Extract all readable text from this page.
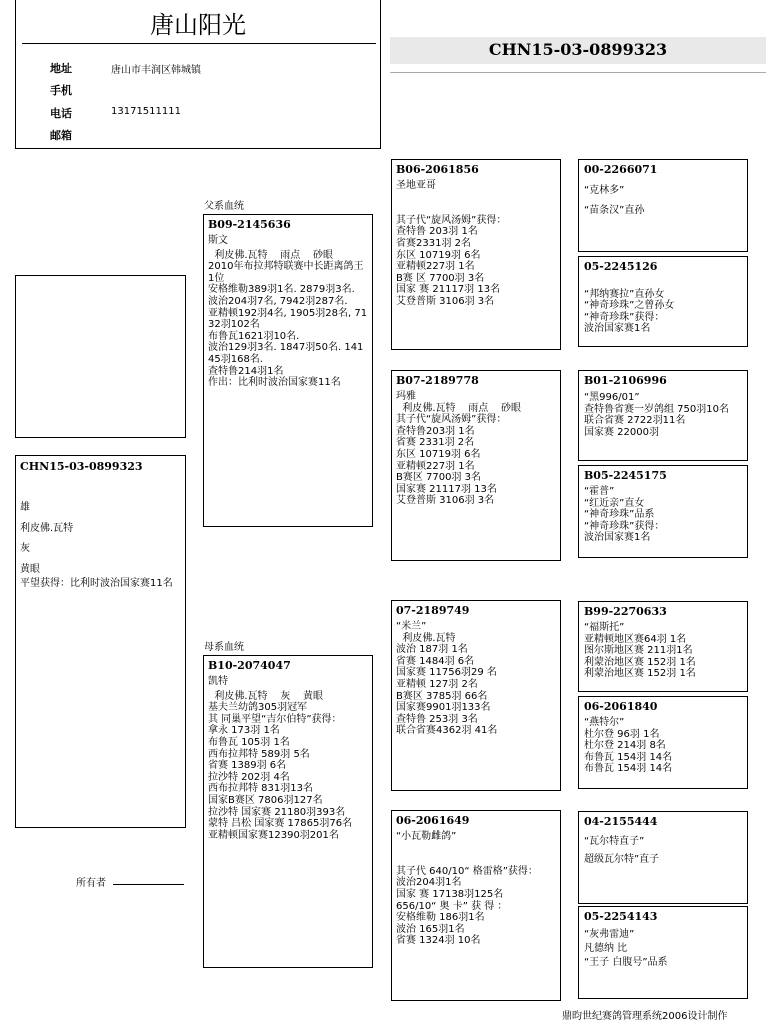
唐山阳光
地址	唐山市丰润区韩城镇
手机
电话	13171511111
邮箱
CHN15-03-0899323
CHN15-03-0899323
雄
利皮佛.瓦特
灰
黄眼
平望获得：比利时波治国家赛11名
父系血统
母系血统
所有者
鼎昀世纪赛鸽管理系统2006设计制作
B09-2145636
斯文
利皮佛.瓦特    雨点    砂眼
2010年布拉邦特联赛中长距离鸽王1位
安格维勒389羽1名. 2879羽3名.
波治204羽7名, 7942羽287名.
亚精顿192羽4名, 1905羽28名, 7132羽102名
布鲁瓦1621羽10名.
波治129羽3名. 1847羽50名. 14145羽168名.
查特鲁214羽1名
作出：比利时波治国家赛11名
B10-2074047
凯特
利皮佛.瓦特    灰    黄眼
基夫兰幼鸽305羽冠军
其 同巢平望“吉尔伯特”获得：
拿永 173羽 1名
布鲁瓦 105羽 1名
西布拉邦特 589羽 5名
省赛 1389羽 6名
拉沙特 202羽 4名
西布拉邦特 831羽13名
国家B赛区 7806羽127名
拉沙特 国家赛 21180羽393名
蒙特 吕松 国家赛 17865羽76名
亚精顿国家赛12390羽201名
B06-2061856
圣地亚哥

其子代“旋风汤姆”获得：
查特鲁 203羽 1名
省赛2331羽 2名
东区 10719羽 6名
亚精顿227羽 1名
B赛 区 7700羽 3名
国家 赛 21117羽 13名
艾登普斯 3106羽 3名
B07-2189778
玛雅
利皮佛.瓦特    雨点    砂眼
其子代“旋风汤姆”获得：
查特鲁203羽 1名
省赛 2331羽 2名
东区 10719羽 6名
亚精顿227羽 1名
B赛区 7700羽 3名
国家赛 21117羽 13名
艾登普斯 3106羽 3名
07-2189749
“米兰”
利皮佛.瓦特
波治 187羽 1名
省赛 1484羽 6名
国家赛 11756羽29 名
亚精顿 127羽 2名
B赛区 3785羽 66名
国家赛9901羽133名
查特鲁 253羽 3名
联合省赛4362羽 41名
06-2061649
“小瓦勒雌鸽”

其子代 640/10“ 格雷格”获得：
波治204羽1名
国家 赛 17138羽125名
656/10“ 奥 卡” 获 得 ：
安格维勒 186羽1名
波治 165羽1名
省赛 1324羽 10名
00-2266071
“克林多”
“苗条汉”直孙
05-2245126

“邦纳赛拉”直孙女
“神奇珍珠”之曾孙女
“神奇珍珠”获得：
波治国家赛1名
B01-2106996
“黑996/01”
查特鲁省赛一岁鸽组 750羽10名
联合省赛 2722羽11名
国家赛 22000羽
B05-2245175
“霍普”
“红近亲”直女
“神奇珍珠”品系
“神奇珍珠”获得：
波治国家赛1名
B99-2270633
“福斯托”
亚精顿地区赛64羽 1名
图尔斯地区赛 211羽1名
利蒙治地区赛 152羽 1名
利蒙治地区赛 152羽 1名
06-2061840
“燕特尔”
杜尔登 96羽 1名
杜尔登 214羽 8名
布鲁瓦 154羽 14名
布鲁瓦 154羽 14名
04-2155444
“瓦尔特直子”
超级瓦尔特”直子
05-2254143
“灰弗雷迪”
凡德纳 比
“王子 白腹号”品系
